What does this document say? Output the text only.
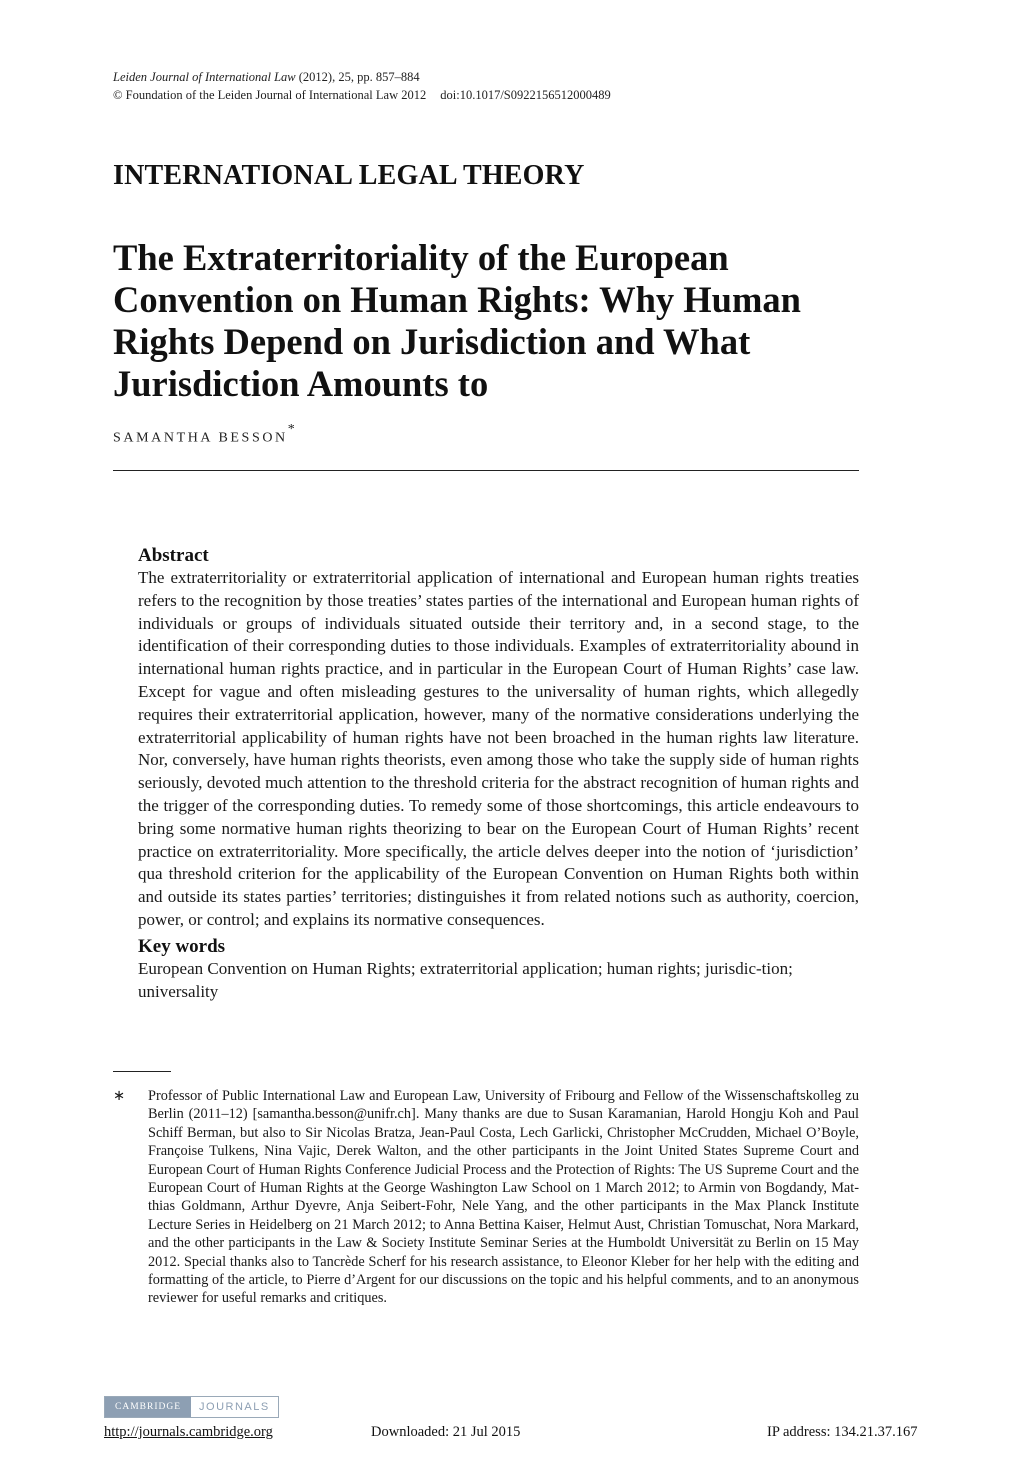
Leiden Journal of International Law (2012), 25, pp. 857–884
© Foundation of the Leiden Journal of International Law 2012 doi:10.1017/S0922156512000489
INTERNATIONAL LEGAL THEORY
The Extraterritoriality of the European Convention on Human Rights: Why Human Rights Depend on Jurisdiction and What Jurisdiction Amounts to
SAMANTHA BESSON*
Abstract

The extraterritoriality or extraterritorial application of international and European human rights treaties refers to the recognition by those treaties’ states parties of the international and European human rights of individuals or groups of individuals situated outside their territory and, in a second stage, to the identification of their corresponding duties to those individuals. Examples of extraterritoriality abound in international human rights practice, and in particular in the European Court of Human Rights’ case law. Except for vague and often misleading gestures to the universality of human rights, which allegedly requires their extraterritorial application, however, many of the normative considerations underlying the extraterritorial applicability of human rights have not been broached in the human rights law literature. Nor, conversely, have human rights theorists, even among those who take the supply side of human rights seriously, devoted much attention to the threshold criteria for the abstract recognition of human rights and the trigger of the corresponding duties. To remedy some of those shortcomings, this article endeavours to bring some normative human rights theorizing to bear on the European Court of Human Rights’ recent practice on extraterritoriality. More specifically, the article delves deeper into the notion of ‘jurisdiction’ qua threshold criterion for the applicability of the European Convention on Human Rights both within and outside its states parties’ territories; distinguishes it from related notions such as authority, coercion, power, or control; and explains its normative consequences.

Key words

European Convention on Human Rights; extraterritorial application; human rights; jurisdic-tion; universality

∗ Professor of Public International Law and European Law, University of Fribourg and Fellow of the Wissenschaftskolleg zu Berlin (2011–12) [samantha.besson@unifr.ch]. Many thanks are due to Susan Karamanian, Harold Hongju Koh and Paul Schiff Berman, but also to Sir Nicolas Bratza, Jean-Paul Costa, Lech Garlicki, Christopher McCrudden, Michael O’Boyle, Françoise Tulkens, Nina Vajic, Derek Walton, and the other participants in the Joint United States Supreme Court and European Court of Human Rights Conference Judicial Process and the Protection of Rights: The US Supreme Court and the European Court of Human Rights at the George Washington Law School on 1 March 2012; to Armin von Bogdandy, Mat-thias Goldmann, Arthur Dyevre, Anja Seibert-Fohr, Nele Yang, and the other participants in the Max Planck Institute Lecture Series in Heidelberg on 21 March 2012; to Anna Bettina Kaiser, Helmut Aust, Christian Tomuschat, Nora Markard, and the other participants in the Law & Society Institute Seminar Series at the Humboldt Universität zu Berlin on 15 May 2012. Special thanks also to Tancrède Scherf for his research assistance, to Eleonor Kleber for her help with the editing and formatting of the article, to Pierre d’Argent for our discussions on the topic and his helpful comments, and to an anonymous reviewer for useful remarks and critiques.
CAMBRIDGE	JOURNALS
http://journals.cambridge.org	Downloaded: 21 Jul 2015	IP address: 134.21.37.167
